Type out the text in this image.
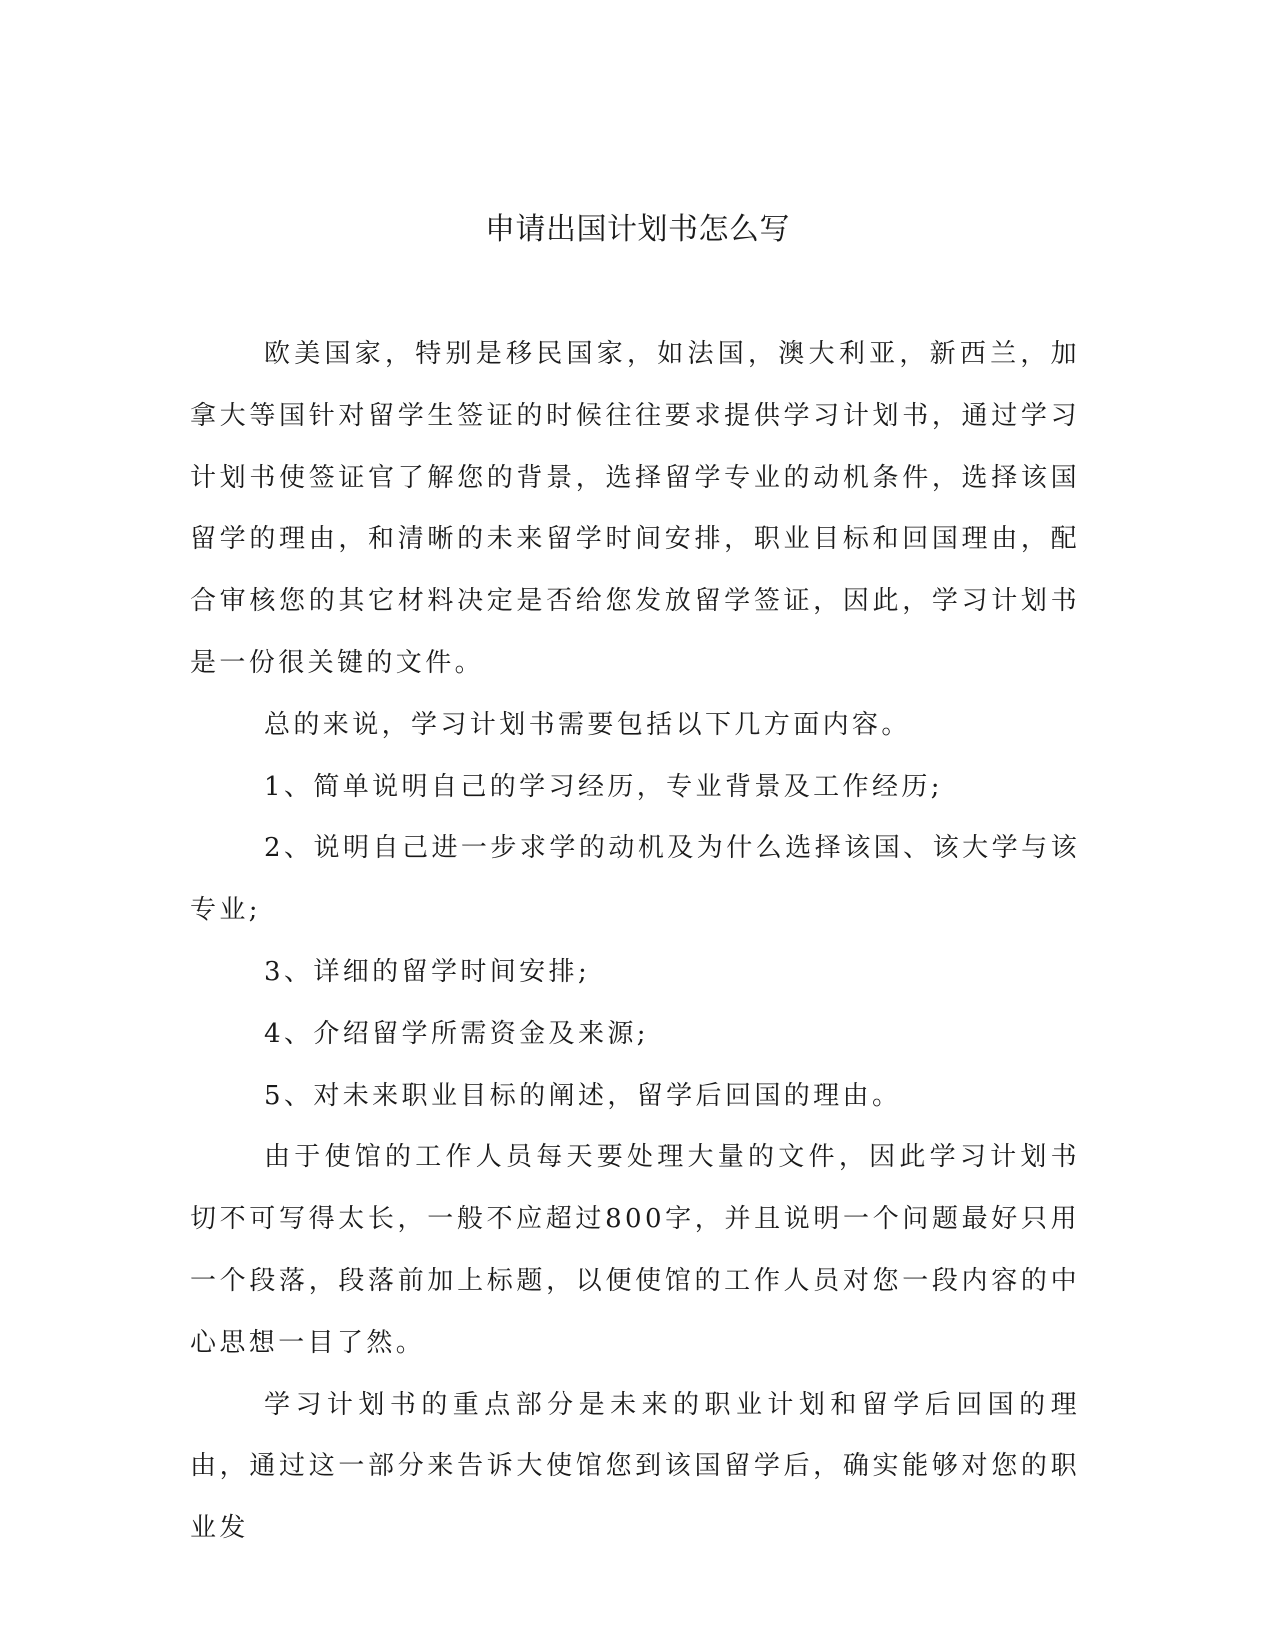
申请出国计划书怎么写

欧美国家，特别是移民国家，如法国，澳大利亚，新西兰，加拿大等国针对留学生签证的时候往往要求提供学习计划书，通过学习计划书使签证官了解您的背景，选择留学专业的动机条件，选择该国留学的理由，和清晰的未来留学时间安排，职业目标和回国理由，配合审核您的其它材料决定是否给您发放留学签证，因此，学习计划书是一份很关键的文件。

总的来说，学习计划书需要包括以下几方面内容。

1、简单说明自己的学习经历，专业背景及工作经历;

2、说明自己进一步求学的动机及为什么选择该国、该大学与该专业;

3、详细的留学时间安排;

4、介绍留学所需资金及来源;

5、对未来职业目标的阐述，留学后回国的理由。

由于使馆的工作人员每天要处理大量的文件，因此学习计划书切不可写得太长，一般不应超过800字，并且说明一个问题最好只用一个段落，段落前加上标题，以便使馆的工作人员对您一段内容的中心思想一目了然。

学习计划书的重点部分是未来的职业计划和留学后回国的理由，通过这一部分来告诉大使馆您到该国留学后，确实能够对您的职业发
